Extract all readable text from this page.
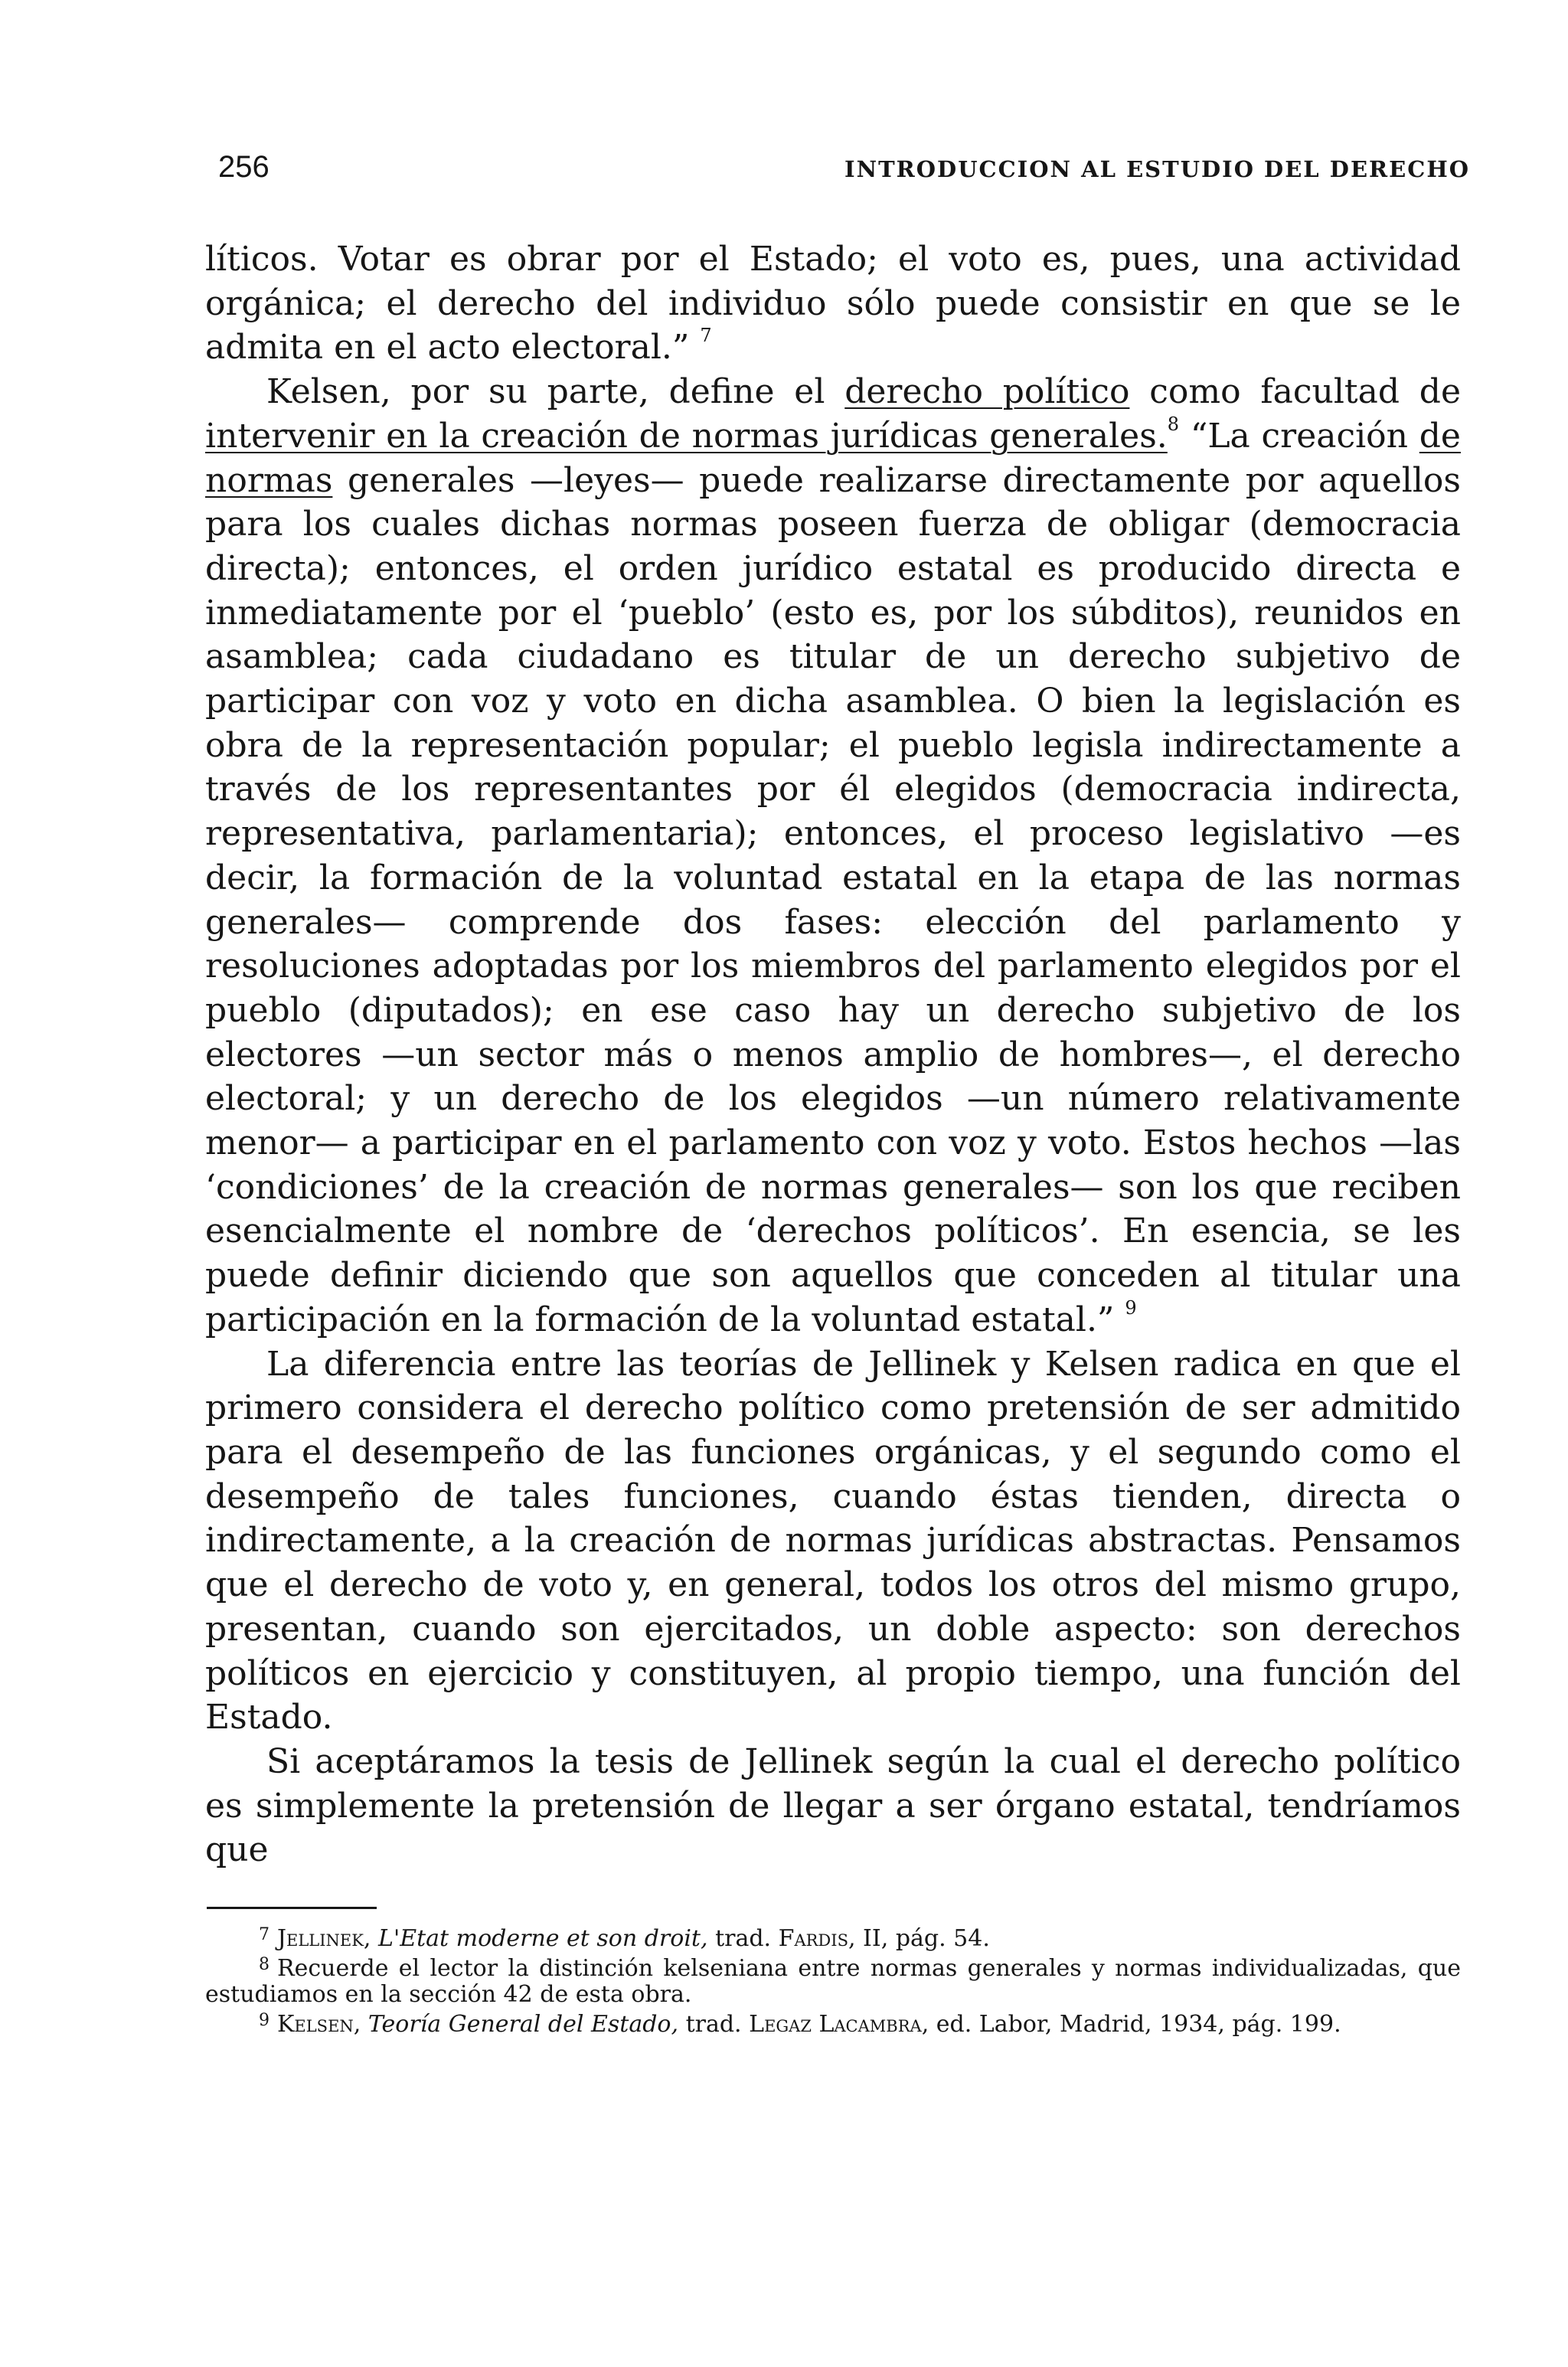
256	INTRODUCCION AL ESTUDIO DEL DERECHO

líticos. Votar es obrar por el Estado; el voto es, pues, una actividad orgánica; el derecho del individuo sólo puede consistir en que se le admita en el acto electoral.” $^7$

Kelsen, por su parte, define el derecho político como facultad de intervenir en la creación de normas jurídicas generales.$^8$ “La creación de normas generales —leyes— puede realizarse directamente por aquellos para los cuales dichas normas poseen fuerza de obligar (democracia directa); entonces, el orden jurídico estatal es producido directa e inmediatamente por el ‘pueblo’ (esto es, por los súbditos), reunidos en asamblea; cada ciudadano es titular de un derecho subjetivo de participar con voz y voto en dicha asamblea. O bien la legislación es obra de la representación popular; el pueblo legisla indirectamente a través de los representantes por él elegidos (democracia indirecta, representativa, parlamentaria); entonces, el proceso legislativo —es decir, la formación de la voluntad estatal en la etapa de las normas generales— comprende dos fases: elección del parlamento y resoluciones adoptadas por los miembros del parlamento elegidos por el pueblo (diputados); en ese caso hay un derecho subjetivo de los electores —un sector más o menos amplio de hombres—, el derecho electoral; y un derecho de los elegidos —un número relativamente menor— a participar en el parlamento con voz y voto. Estos hechos —las ‘condiciones’ de la creación de normas generales— son los que reciben esencialmente el nombre de ‘derechos políticos’. En esencia, se les puede definir diciendo que son aquellos que conceden al titular una participación en la formación de la voluntad estatal.” $^9$

La diferencia entre las teorías de Jellinek y Kelsen radica en que el primero considera el derecho político como pretensión de ser admitido para el desempeño de las funciones orgánicas, y el segundo como el desempeño de tales funciones, cuando éstas tienden, directa o indirectamente, a la creación de normas jurídicas abstractas. Pensamos que el derecho de voto y, en general, todos los otros del mismo grupo, presentan, cuando son ejercitados, un doble aspecto: son derechos políticos en ejercicio y constituyen, al propio tiempo, una función del Estado.

Si aceptáramos la tesis de Jellinek según la cual el derecho político es simplemente la pretensión de llegar a ser órgano estatal, tendríamos que

$^7$ Jellinek, L'Etat moderne et son droit, trad. Fardis, II, pág. 54.

$^8$ Recuerde el lector la distinción kelseniana entre normas generales y normas individualizadas, que estudiamos en la sección 42 de esta obra.

$^9$ Kelsen, Teoría General del Estado, trad. Legaz Lacambra, ed. Labor, Madrid, 1934, pág. 199.
